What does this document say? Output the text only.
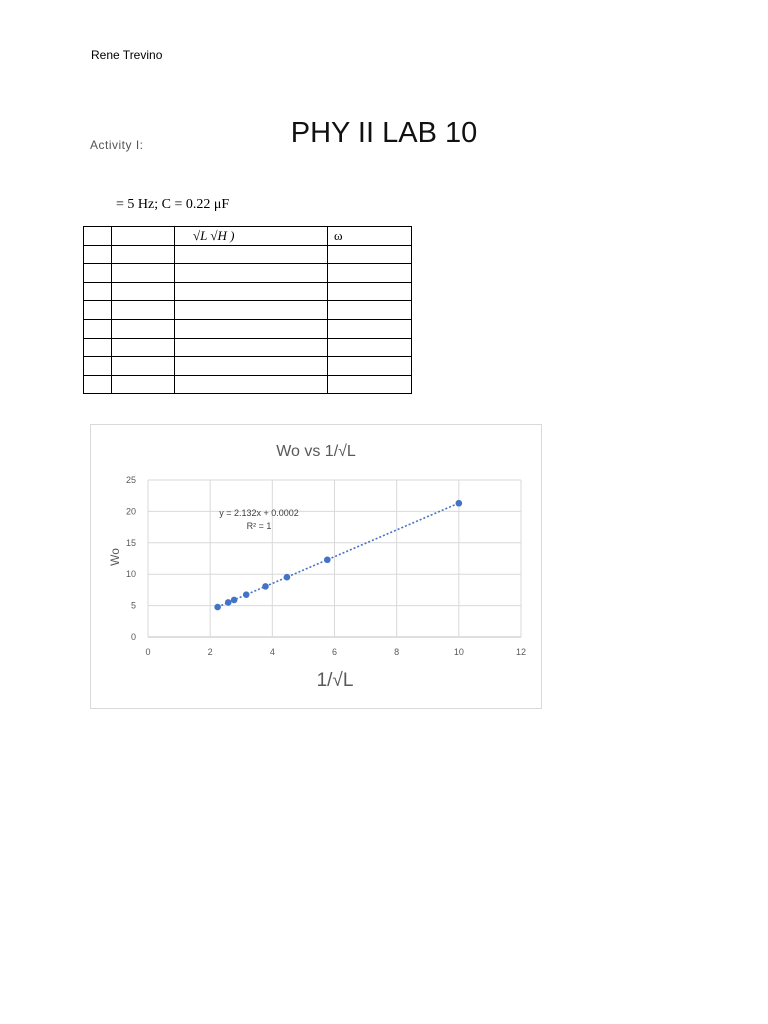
Rene Trevino
PHY II LAB 10
Activity I:
= 5 Hz; C = 0.22 μF
		√L √H )	ω

Wo vs 1/√L
0	2	4	6	8	10	12
0
5
10
15
20
25
y = 2.132x + 0.0002
R² = 1
1/√L
Wo
